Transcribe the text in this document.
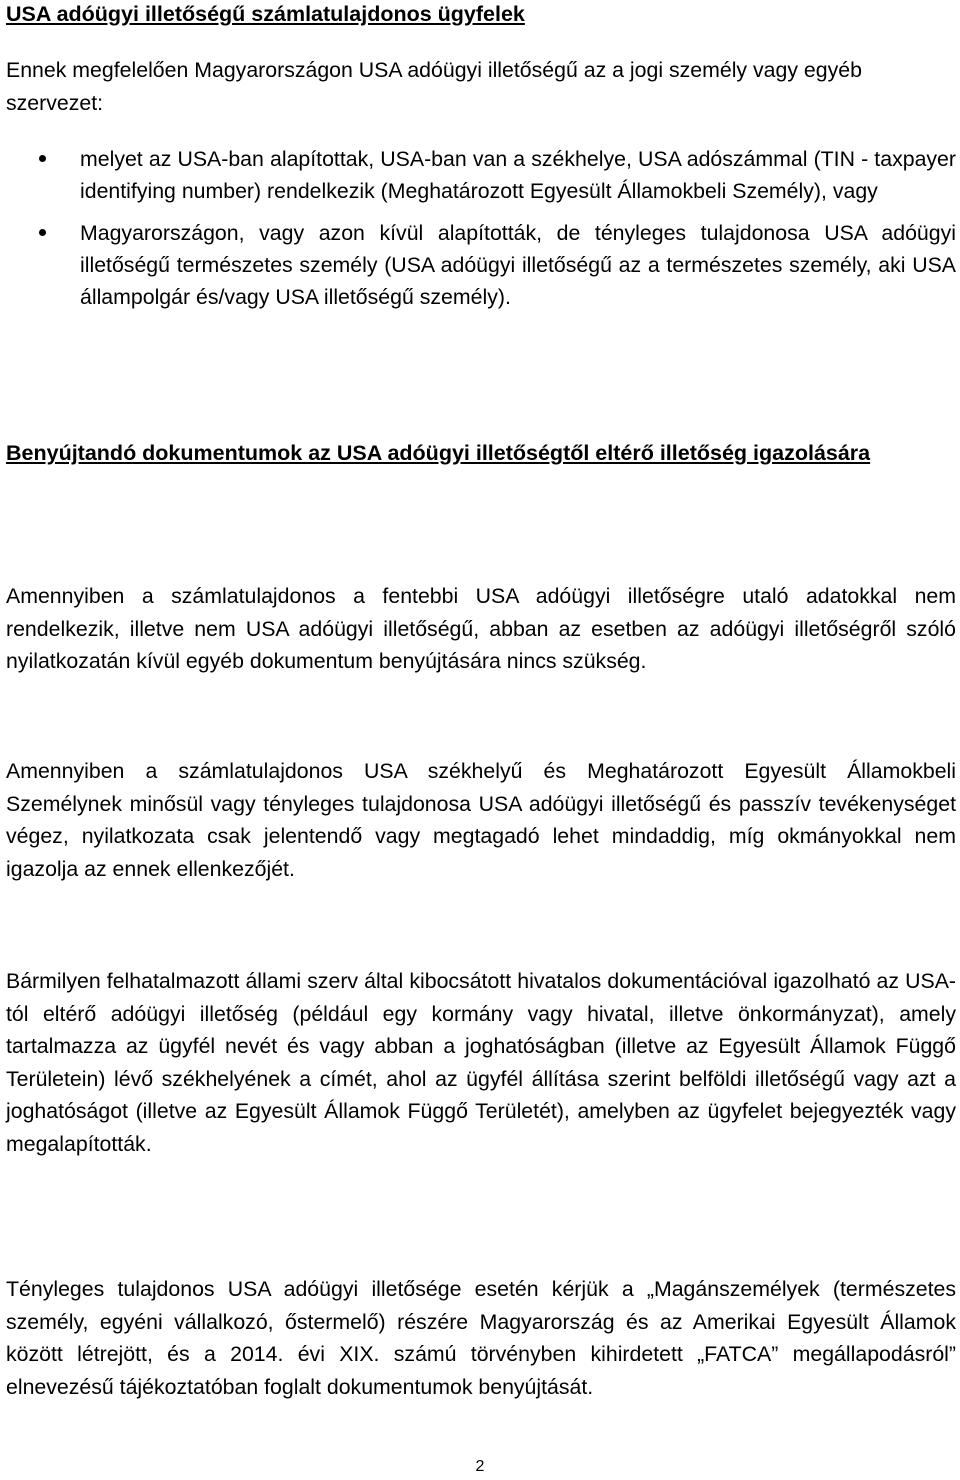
USA adóügyi illetőségű számlatulajdonos ügyfelek

Ennek megfelelően Magyarországon USA adóügyi illetőségű az a jogi személy vagy egyéb szervezet:

melyet az USA-ban alapítottak, USA-ban van a székhelye, USA adószámmal (TIN - taxpayer identifying number) rendelkezik (Meghatározott Egyesült Államokbeli Személy), vagy
Magyarországon, vagy azon kívül alapították, de tényleges tulajdonosa USA adóügyi illetőségű természetes személy (USA adóügyi illetőségű az a természetes személy, aki USA állampolgár és/vagy USA illetőségű személy).
Benyújtandó dokumentumok az USA adóügyi illetőségtől eltérő illetőség igazolására

Amennyiben a számlatulajdonos a fentebbi USA adóügyi illetőségre utaló adatokkal nem rendelkezik, illetve nem USA adóügyi illetőségű, abban az esetben az adóügyi illetőségről szóló nyilatkozatán kívül egyéb dokumentum benyújtására nincs szükség.

Amennyiben a számlatulajdonos USA székhelyű és Meghatározott Egyesült Államokbeli Személynek minősül vagy tényleges tulajdonosa USA adóügyi illetőségű és passzív tevékenységet végez, nyilatkozata csak jelentendő vagy megtagadó lehet mindaddig, míg okmányokkal nem igazolja az ennek ellenkezőjét.

Bármilyen felhatalmazott állami szerv által kibocsátott hivatalos dokumentációval igazolható az USA-tól eltérő adóügyi illetőség (például egy kormány vagy hivatal, illetve önkormányzat), amely tartalmazza az ügyfél nevét és vagy abban a joghatóságban (illetve az Egyesült Államok Függő Területein) lévő székhelyének a címét, ahol az ügyfél állítása szerint belföldi illetőségű vagy azt a joghatóságot (illetve az Egyesült Államok Függő Területét), amelyben az ügyfelet bejegyezték vagy megalapították.

Tényleges tulajdonos USA adóügyi illetősége esetén kérjük a „Magánszemélyek (természetes személy, egyéni vállalkozó, őstermelő) részére Magyarország és az Amerikai Egyesült Államok között létrejött, és a 2014. évi XIX. számú törvényben kihirdetett „FATCA” megállapodásról” elnevezésű tájékoztatóban foglalt dokumentumok benyújtását.

2
